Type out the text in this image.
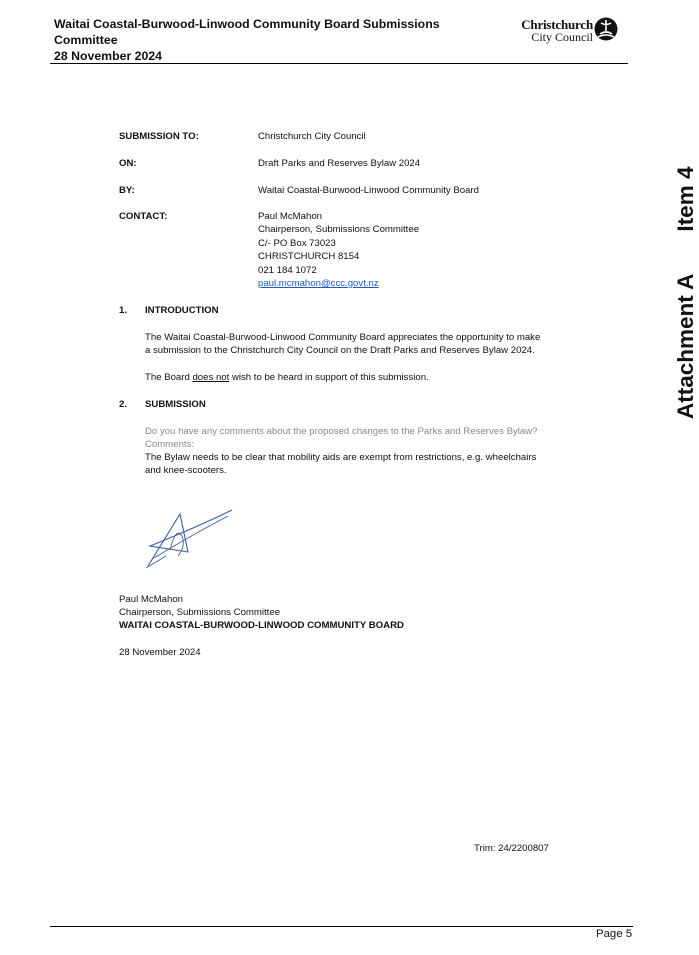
Waitai Coastal-Burwood-Linwood Community Board Submissions
Committee
28 November 2024
Christchurch
City Council
Attachment AItem 4
SUBMISSION TO:	Christchurch City Council
ON:	Draft Parks and Reserves Bylaw 2024
BY:	Waitai Coastal-Burwood-Linwood Community Board
CONTACT:	Paul McMahon
Chairperson, Submissions Committee
C/- PO Box 73023
CHRISTCHURCH 8154
021 184 1072
paul.mcmahon@ccc.govt.nz
1. INTRODUCTION
The Waitai Coastal-Burwood-Linwood Community Board appreciates the opportunity to make
a submission to the Christchurch City Council on the Draft Parks and Reserves Bylaw 2024.
The Board does not wish to be heard in support of this submission.
2. SUBMISSION
Do you have any comments about the proposed changes to the Parks and Reserves Bylaw?
Comments:
The Bylaw needs to be clear that mobility aids are exempt from restrictions, e.g. wheelchairs
and knee-scooters.
Paul McMahon
Chairperson, Submissions Committee
WAITAI COASTAL-BURWOOD-LINWOOD COMMUNITY BOARD
28 November 2024
Trim: 24/2200807
Page 5
